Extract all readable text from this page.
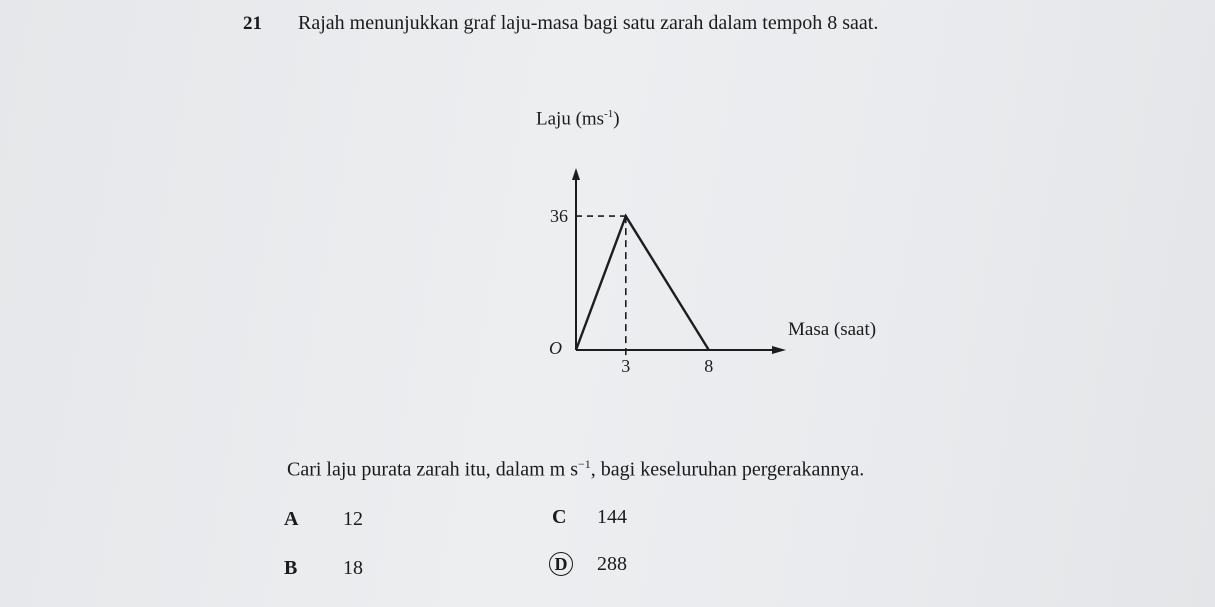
21 Rajah menunjukkan graf laju-masa bagi satu zarah dalam tempoh 8 saat.
Laju $(ms^{-1})$
36
3	8
O
Masa (saat)
Cari laju purata zarah itu, dalam m $s^{-1}$, bagi keseluruhan pergerakannya.
A 12
B 18
C 144
D 288
